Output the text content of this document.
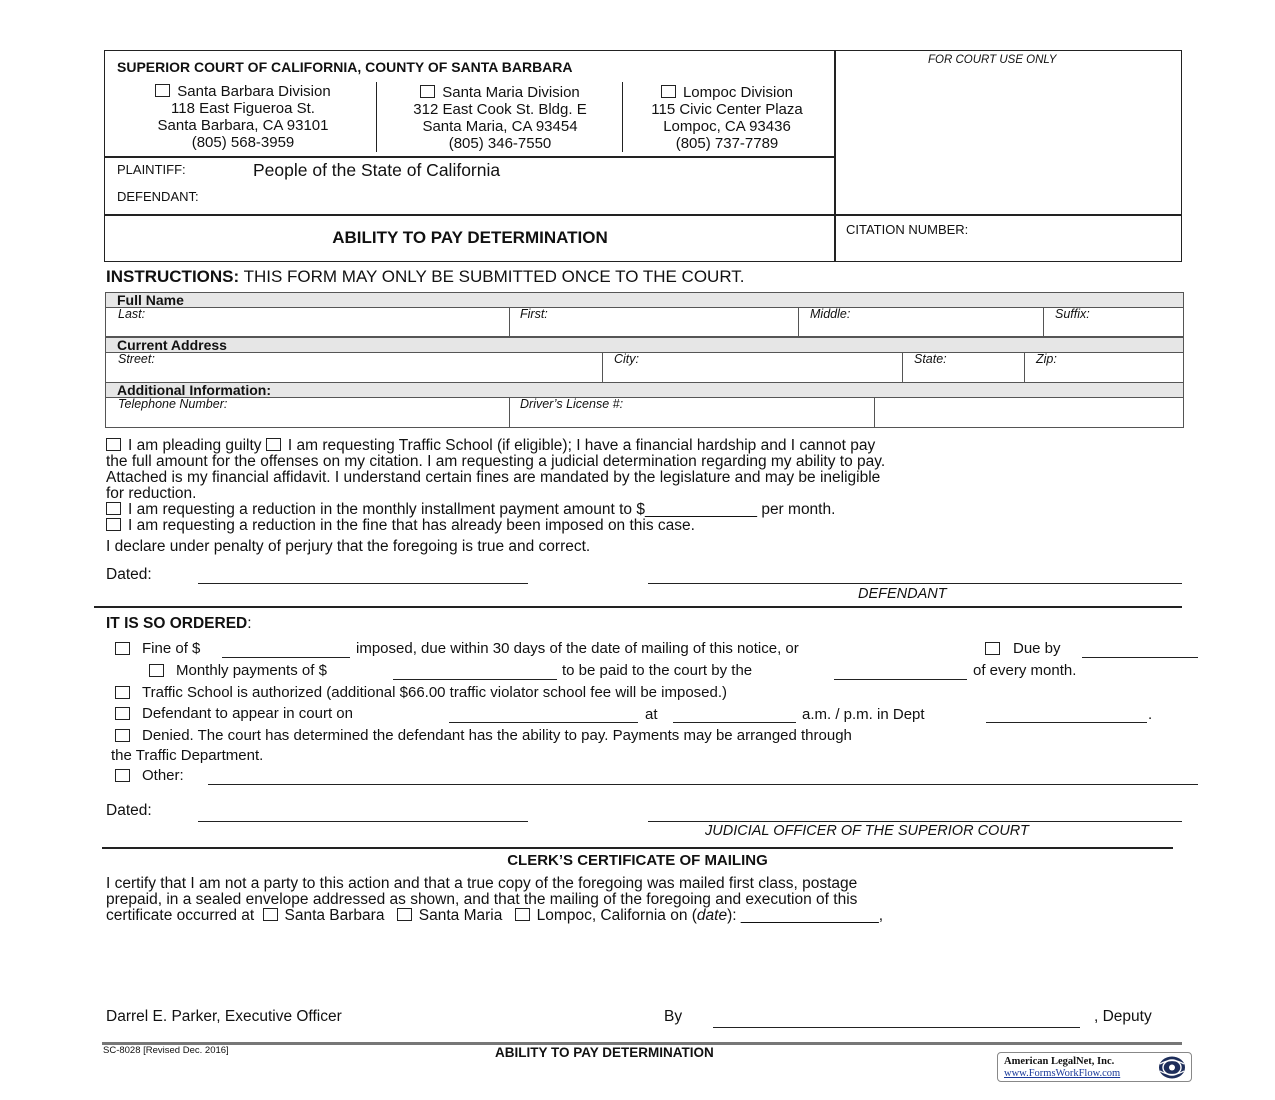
FOR COURT USE ONLY
SUPERIOR COURT OF CALIFORNIA, COUNTY OF SANTA BARBARA
Santa Barbara Division
118 East Figueroa St.
Santa Barbara, CA 93101
(805) 568-3959
Santa Maria Division
312 East Cook St. Bldg. E
Santa Maria, CA 93454
(805) 346-7550
Lompoc Division
115 Civic Center Plaza
Lompoc, CA 93436
(805) 737-7789
PLAINTIFF:	People of the State of California
DEFENDANT:
ABILITY TO PAY DETERMINATION	CITATION NUMBER:
INSTRUCTIONS: THIS FORM MAY ONLY BE SUBMITTED ONCE TO THE COURT.
Full Name
Last:	First:	Middle:	Suffix:
Current Address
Street:	City:	State:	Zip:
Additional Information:
Telephone Number:	Driver’s License #:
I am pleading guilty I am requesting Traffic School (if eligible); I have a financial hardship and I cannot pay
the full amount for the offenses on my citation. I am requesting a judicial determination regarding my ability to pay.
Attached is my financial affidavit. I understand certain fines are mandated by the legislature and may be ineligible
for reduction.
I am requesting a reduction in the monthly installment payment amount to $_____________ per month.
I am requesting a reduction in the fine that has already been imposed on this case.
I declare under penalty of perjury that the foregoing is true and correct.
Dated:
DEFENDANT
IT IS SO ORDERED:
Fine of $	imposed, due within 30 days of the date of mailing of this notice, or	Due by
Monthly payments of $	to be paid to the court by the	of every month.
Traffic School is authorized (additional $66.00 traffic violator school fee will be imposed.)
Defendant to appear in court on	at	a.m. / p.m. in Dept	.
Denied. The court has determined the defendant has the ability to pay. Payments may be arranged through
the Traffic Department.
Other:
Dated:
JUDICIAL OFFICER OF THE SUPERIOR COURT
CLERK’S CERTIFICATE OF MAILING
I certify that I am not a party to this action and that a true copy of the foregoing was mailed first class, postage
prepaid, in a sealed envelope addressed as shown, and that the mailing of the foregoing and execution of this
certificate occurred at Santa Barbara Santa Maria Lompoc, California on (date): ________________,
Darrel E. Parker, Executive Officer	By	, Deputy
SC-8028 [Revised Dec. 2016]	ABILITY TO PAY DETERMINATION
American LegalNet, Inc.
www.FormsWorkFlow.com
